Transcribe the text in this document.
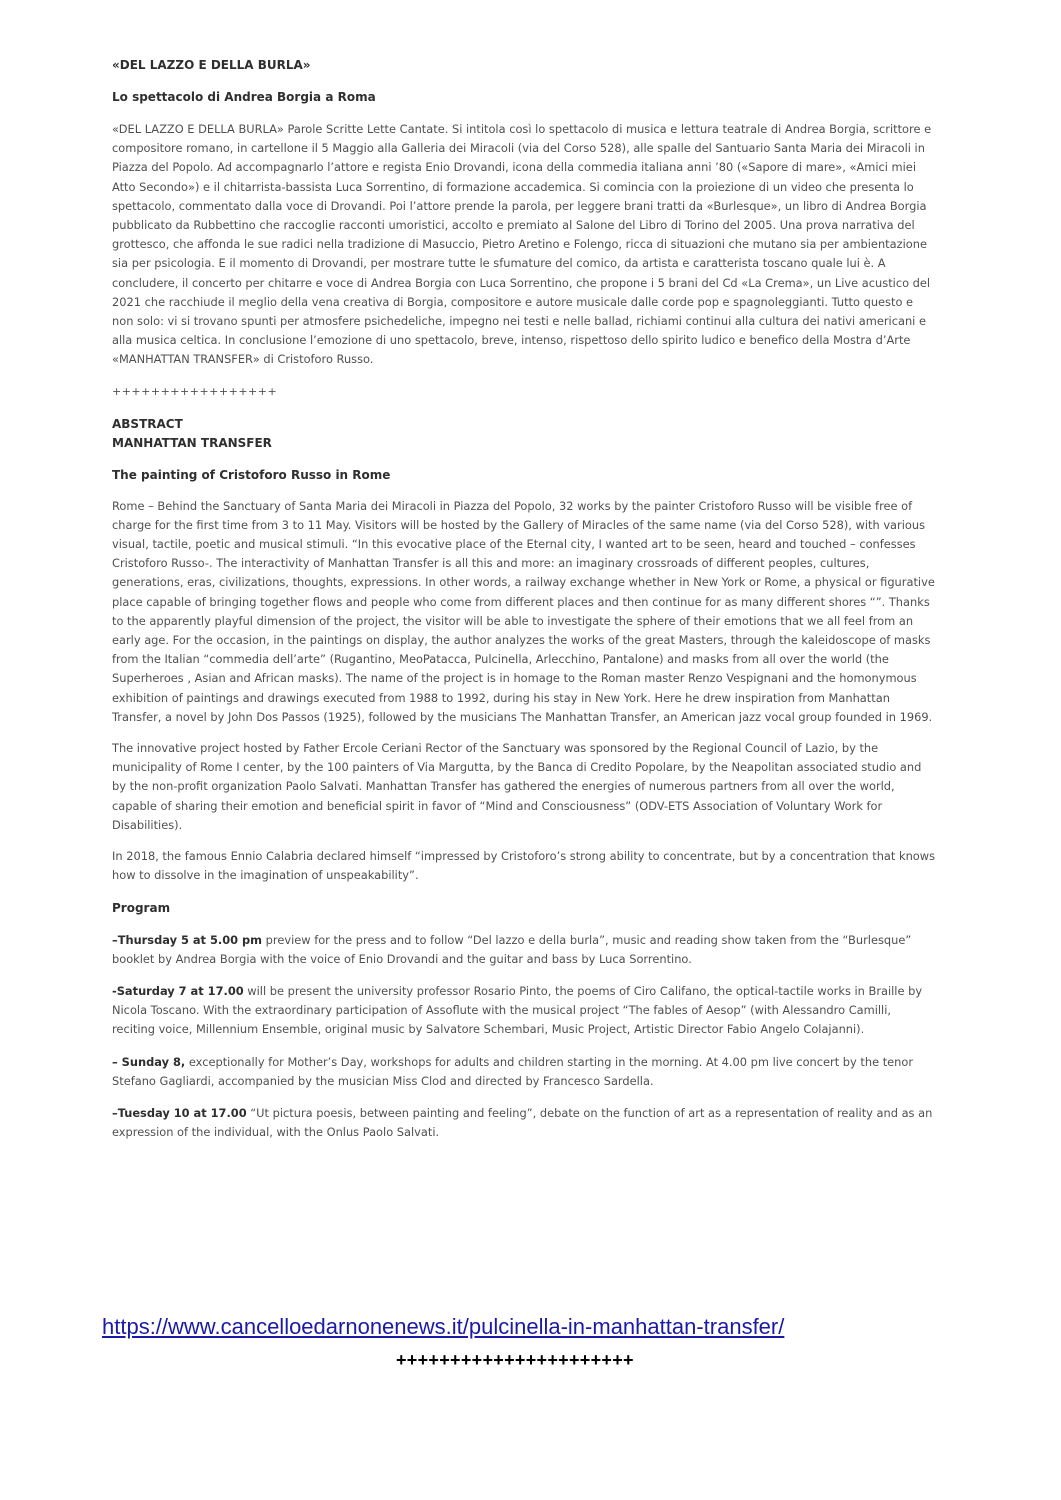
«DEL LAZZO E DELLA BURLA»

Lo spettacolo di Andrea Borgia a Roma

«DEL LAZZO E DELLA BURLA» Parole Scritte Lette Cantate. Si intitola così lo spettacolo di musica e lettura teatrale di Andrea Borgia, scrittore e compositore romano, in cartellone il 5 Maggio alla Galleria dei Miracoli (via del Corso 528), alle spalle del Santuario Santa Maria dei Miracoli in Piazza del Popolo. Ad accompagnarlo l’attore e regista Enio Drovandi, icona della commedia italiana anni ’80 («Sapore di mare», «Amici miei Atto Secondo») e il chitarrista-bassista Luca Sorrentino, di formazione accademica. Si comincia con la proiezione di un video che presenta lo spettacolo, commentato dalla voce di Drovandi. Poi l’attore prende la parola, per leggere brani tratti da «Burlesque», un libro di Andrea Borgia pubblicato da Rubbettino che raccoglie racconti umoristici, accolto e premiato al Salone del Libro di Torino del 2005. Una prova narrativa del grottesco, che affonda le sue radici nella tradizione di Masuccio, Pietro Aretino e Folengo, ricca di situazioni che mutano sia per ambientazione sia per psicologia. E il momento di Drovandi, per mostrare tutte le sfumature del comico, da artista e caratterista toscano quale lui è. A concludere, il concerto per chitarre e voce di Andrea Borgia con Luca Sorrentino, che propone i 5 brani del Cd «La Crema», un Live acustico del 2021 che racchiude il meglio della vena creativa di Borgia, compositore e autore musicale dalle corde pop e spagnoleggianti. Tutto questo e non solo: vi si trovano spunti per atmosfere psichedeliche, impegno nei testi e nelle ballad, richiami continui alla cultura dei nativi americani e alla musica celtica. In conclusione l’emozione di uno spettacolo, breve, intenso, rispettoso dello spirito ludico e benefico della Mostra d’Arte «MANHATTAN TRANSFER» di Cristoforo Russo.

+++++++++++++++++

ABSTRACT

MANHATTAN TRANSFER

The painting of Cristoforo Russo in Rome

Rome – Behind the Sanctuary of Santa Maria dei Miracoli in Piazza del Popolo, 32 works by the painter Cristoforo Russo will be visible free of charge for the first time from 3 to 11 May. Visitors will be hosted by the Gallery of Miracles of the same name (via del Corso 528), with various visual, tactile, poetic and musical stimuli. “In this evocative place of the Eternal city, I wanted art to be seen, heard and touched – confesses Cristoforo Russo-. The interactivity of Manhattan Transfer is all this and more: an imaginary crossroads of different peoples, cultures, generations, eras, civilizations, thoughts, expressions. In other words, a railway exchange whether in New York or Rome, a physical or figurative place capable of bringing together flows and people who come from different places and then continue for as many different shores “”. Thanks to the apparently playful dimension of the project, the visitor will be able to investigate the sphere of their emotions that we all feel from an early age. For the occasion, in the paintings on display, the author analyzes the works of the great Masters, through the kaleidoscope of masks from the Italian “commedia dell’arte” (Rugantino, MeoPatacca, Pulcinella, Arlecchino, Pantalone) and masks from all over the world (the Superheroes , Asian and African masks). The name of the project is in homage to the Roman master Renzo Vespignani and the homonymous exhibition of paintings and drawings executed from 1988 to 1992, during his stay in New York. Here he drew inspiration from Manhattan Transfer, a novel by John Dos Passos (1925), followed by the musicians The Manhattan Transfer, an American jazz vocal group founded in 1969.

The innovative project hosted by Father Ercole Ceriani Rector of the Sanctuary was sponsored by the Regional Council of Lazio, by the municipality of Rome I center, by the 100 painters of Via Margutta, by the Banca di Credito Popolare, by the Neapolitan associated studio and by the non-profit organization Paolo Salvati. Manhattan Transfer has gathered the energies of numerous partners from all over the world, capable of sharing their emotion and beneficial spirit in favor of “Mind and Consciousness” (ODV-ETS Association of Voluntary Work for Disabilities).

In 2018, the famous Ennio Calabria declared himself “impressed by Cristoforo’s strong ability to concentrate, but by a concentration that knows how to dissolve in the imagination of unspeakability”.

Program

–Thursday 5 at 5.00 pm preview for the press and to follow “Del lazzo e della burla”, music and reading show taken from the “Burlesque” booklet by Andrea Borgia with the voice of Enio Drovandi and the guitar and bass by Luca Sorrentino.

-Saturday 7 at 17.00 will be present the university professor Rosario Pinto, the poems of Ciro Califano, the optical-tactile works in Braille by Nicola Toscano. With the extraordinary participation of Assoflute with the musical project “The fables of Aesop” (with Alessandro Camilli, reciting voice, Millennium Ensemble, original music by Salvatore Schembari, Music Project, Artistic Director Fabio Angelo Colajanni).

– Sunday 8, exceptionally for Mother’s Day, workshops for adults and children starting in the morning. At 4.00 pm live concert by the tenor Stefano Gagliardi, accompanied by the musician Miss Clod and directed by Francesco Sardella.

–Tuesday 10 at 17.00 “Ut pictura poesis, between painting and feeling”, debate on the function of art as a representation of reality and as an expression of the individual, with the Onlus Paolo Salvati.

https://www.cancelloedarnonenews.it/pulcinella-in-manhattan-transfer/

++++++++++++++++++++++
